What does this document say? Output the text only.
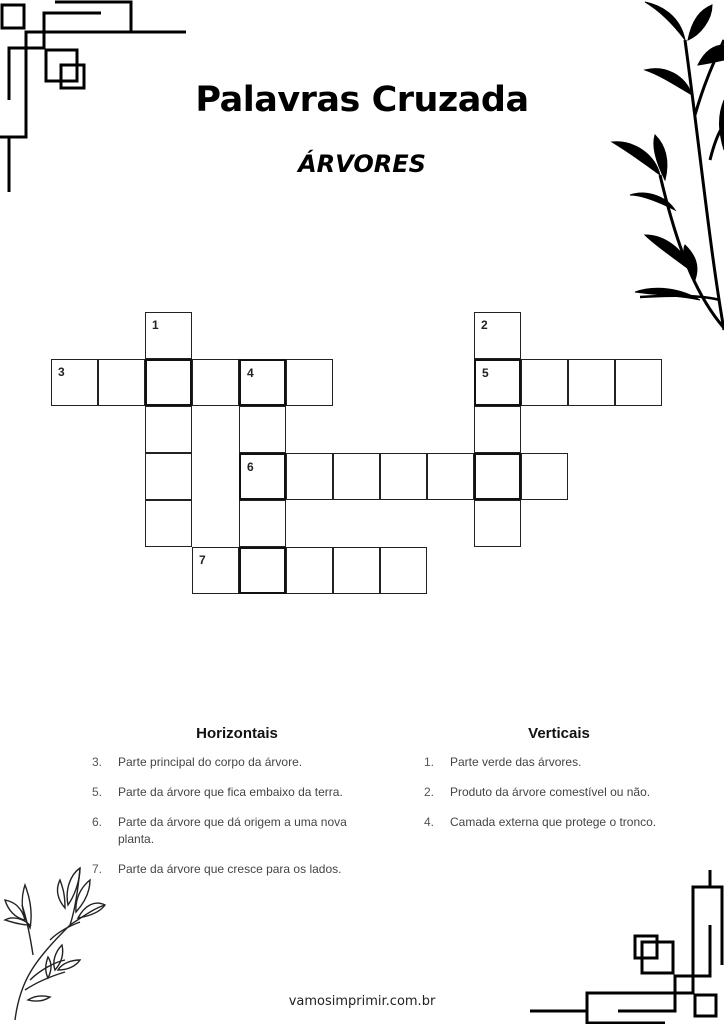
Palavras Cruzada
ÁRVORES
1	2
5
3	4
6
7
Horizontais
3.	Parte principal do corpo da árvore.
5.	Parte da árvore que fica embaixo da terra.
6.	Parte da árvore que dá origem a uma nova planta.
7.	Parte da árvore que cresce para os lados.
Verticais
1.	Parte verde das árvores.
2.	Produto da árvore comestível ou não.
4.	Camada externa que protege o tronco.
vamosimprimir.com.br
